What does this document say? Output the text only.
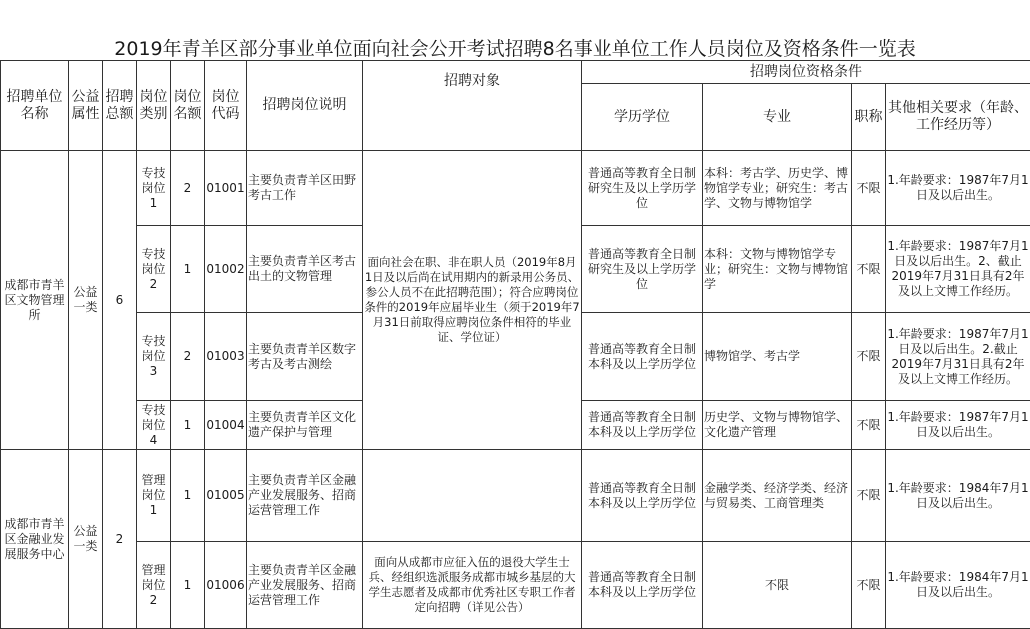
2019年青羊区部分事业单位面向社会公开考试招聘8名事业单位工作人员岗位及资格条件一览表
招聘单位名称	公益属性	招聘总额	岗位类别	岗位名额	岗位代码	招聘岗位说明	招聘对象	招聘岗位资格条件			
								学历学位	专业	职称	其他相关要求（年龄、工作经历等）
成都市青羊区文物管理所	公益一类	6	专技岗位1	2	01001	主要负责青羊区田野考古工作	面向社会在职、非在职人员（2019年8月1日及以后尚在试用期内的新录用公务员、参公人员不在此招聘范围）；符合应聘岗位条件的2019年应届毕业生（须于2019年7月31日前取得应聘岗位条件相符的毕业证、学位证）	普通高等教育全日制研究生及以上学历学位	本科：考古学、历史学、博物馆学专业；研究生：考古学、文物与博物馆学	不限	1.年龄要求：1987年7月1日及以后出生。
			专技岗位2	1	01002	主要负责青羊区考古出土的文物管理		普通高等教育全日制研究生及以上学历学位	本科：文物与博物馆学专业；研究生：文物与博物馆学	不限	1.年龄要求：1987年7月1日及以后出生。2、截止2019年7月31日具有2年及以上文博工作经历。
			专技岗位3	2	01003	主要负责青羊区数字考古及考古测绘		普通高等教育全日制本科及以上学历学位	博物馆学、考古学	不限	1.年龄要求：1987年7月1日及以后出生。2.截止2019年7月31日具有2年及以上文博工作经历。
			专技岗位4	1	01004	主要负责青羊区文化遗产保护与管理		普通高等教育全日制本科及以上学历学位	历史学、文物与博物馆学、文化遗产管理	不限	1.年龄要求：1987年7月1日及以后出生。
成都市青羊区金融业发展服务中心	公益一类	2	管理岗位1	1	01005	主要负责青羊区金融产业发展服务、招商运营管理工作		普通高等教育全日制本科及以上学历学位	金融学类、经济学类、经济与贸易类、工商管理类	不限	1.年龄要求：1984年7月1日及以后出生。
			管理岗位2	1	01006	主要负责青羊区金融产业发展服务、招商运营管理工作	面向从成都市应征入伍的退役大学生士兵、经组织选派服务成都市城乡基层的大学生志愿者及成都市优秀社区专职工作者定向招聘（详见公告）	普通高等教育全日制本科及以上学历学位	不限	不限	1.年龄要求：1984年7月1日及以后出生。
